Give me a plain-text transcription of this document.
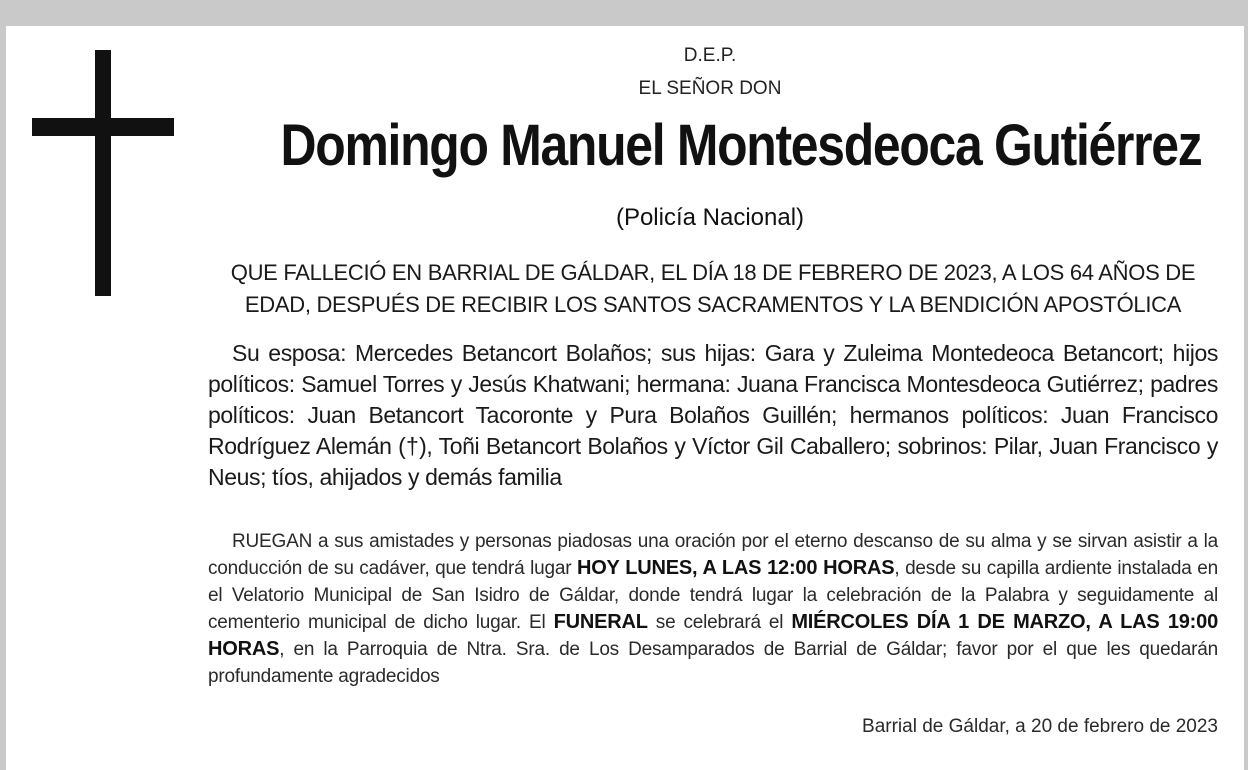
D.E.P.
EL SEÑOR DON
Domingo Manuel Montesdeoca Gutiérrez
(Policía Nacional)
QUE FALLECIÓ EN BARRIAL DE GÁLDAR, EL DÍA 18 DE FEBRERO DE 2023, A LOS 64 AÑOS DE EDAD, DESPUÉS DE RECIBIR LOS SANTOS SACRAMENTOS Y LA BENDICIÓN APOSTÓLICA
Su esposa: Mercedes Betancort Bolaños; sus hijas: Gara y Zuleima Montedeoca Betancort; hijos políticos: Samuel Torres y Jesús Khatwani; hermana: Juana Francisca Montesdeoca Gutiérrez; padres políticos: Juan Betancort Tacoronte y Pura Bolaños Guillén; hermanos políticos: Juan Francisco Rodríguez Alemán (†), Toñi Betancort Bolaños y Víctor Gil Caballero; sobrinos: Pilar, Juan Francisco y Neus; tíos, ahijados y demás familia
RUEGAN a sus amistades y personas piadosas una oración por el eterno descanso de su alma y se sirvan asistir a la conducción de su cadáver, que tendrá lugar HOY LUNES, A LAS 12:00 HORAS, desde su capilla ardiente instalada en el Velatorio Municipal de San Isidro de Gáldar, donde tendrá lugar la celebración de la Palabra y seguidamente al cementerio municipal de dicho lugar. El FUNERAL se celebrará el MIÉRCOLES DÍA 1 DE MARZO, A LAS 19:00 HORAS, en la Parroquia de Ntra. Sra. de Los Desamparados de Barrial de Gáldar; favor por el que les quedarán profundamente agradecidos
Barrial de Gáldar, a 20 de febrero de 2023
